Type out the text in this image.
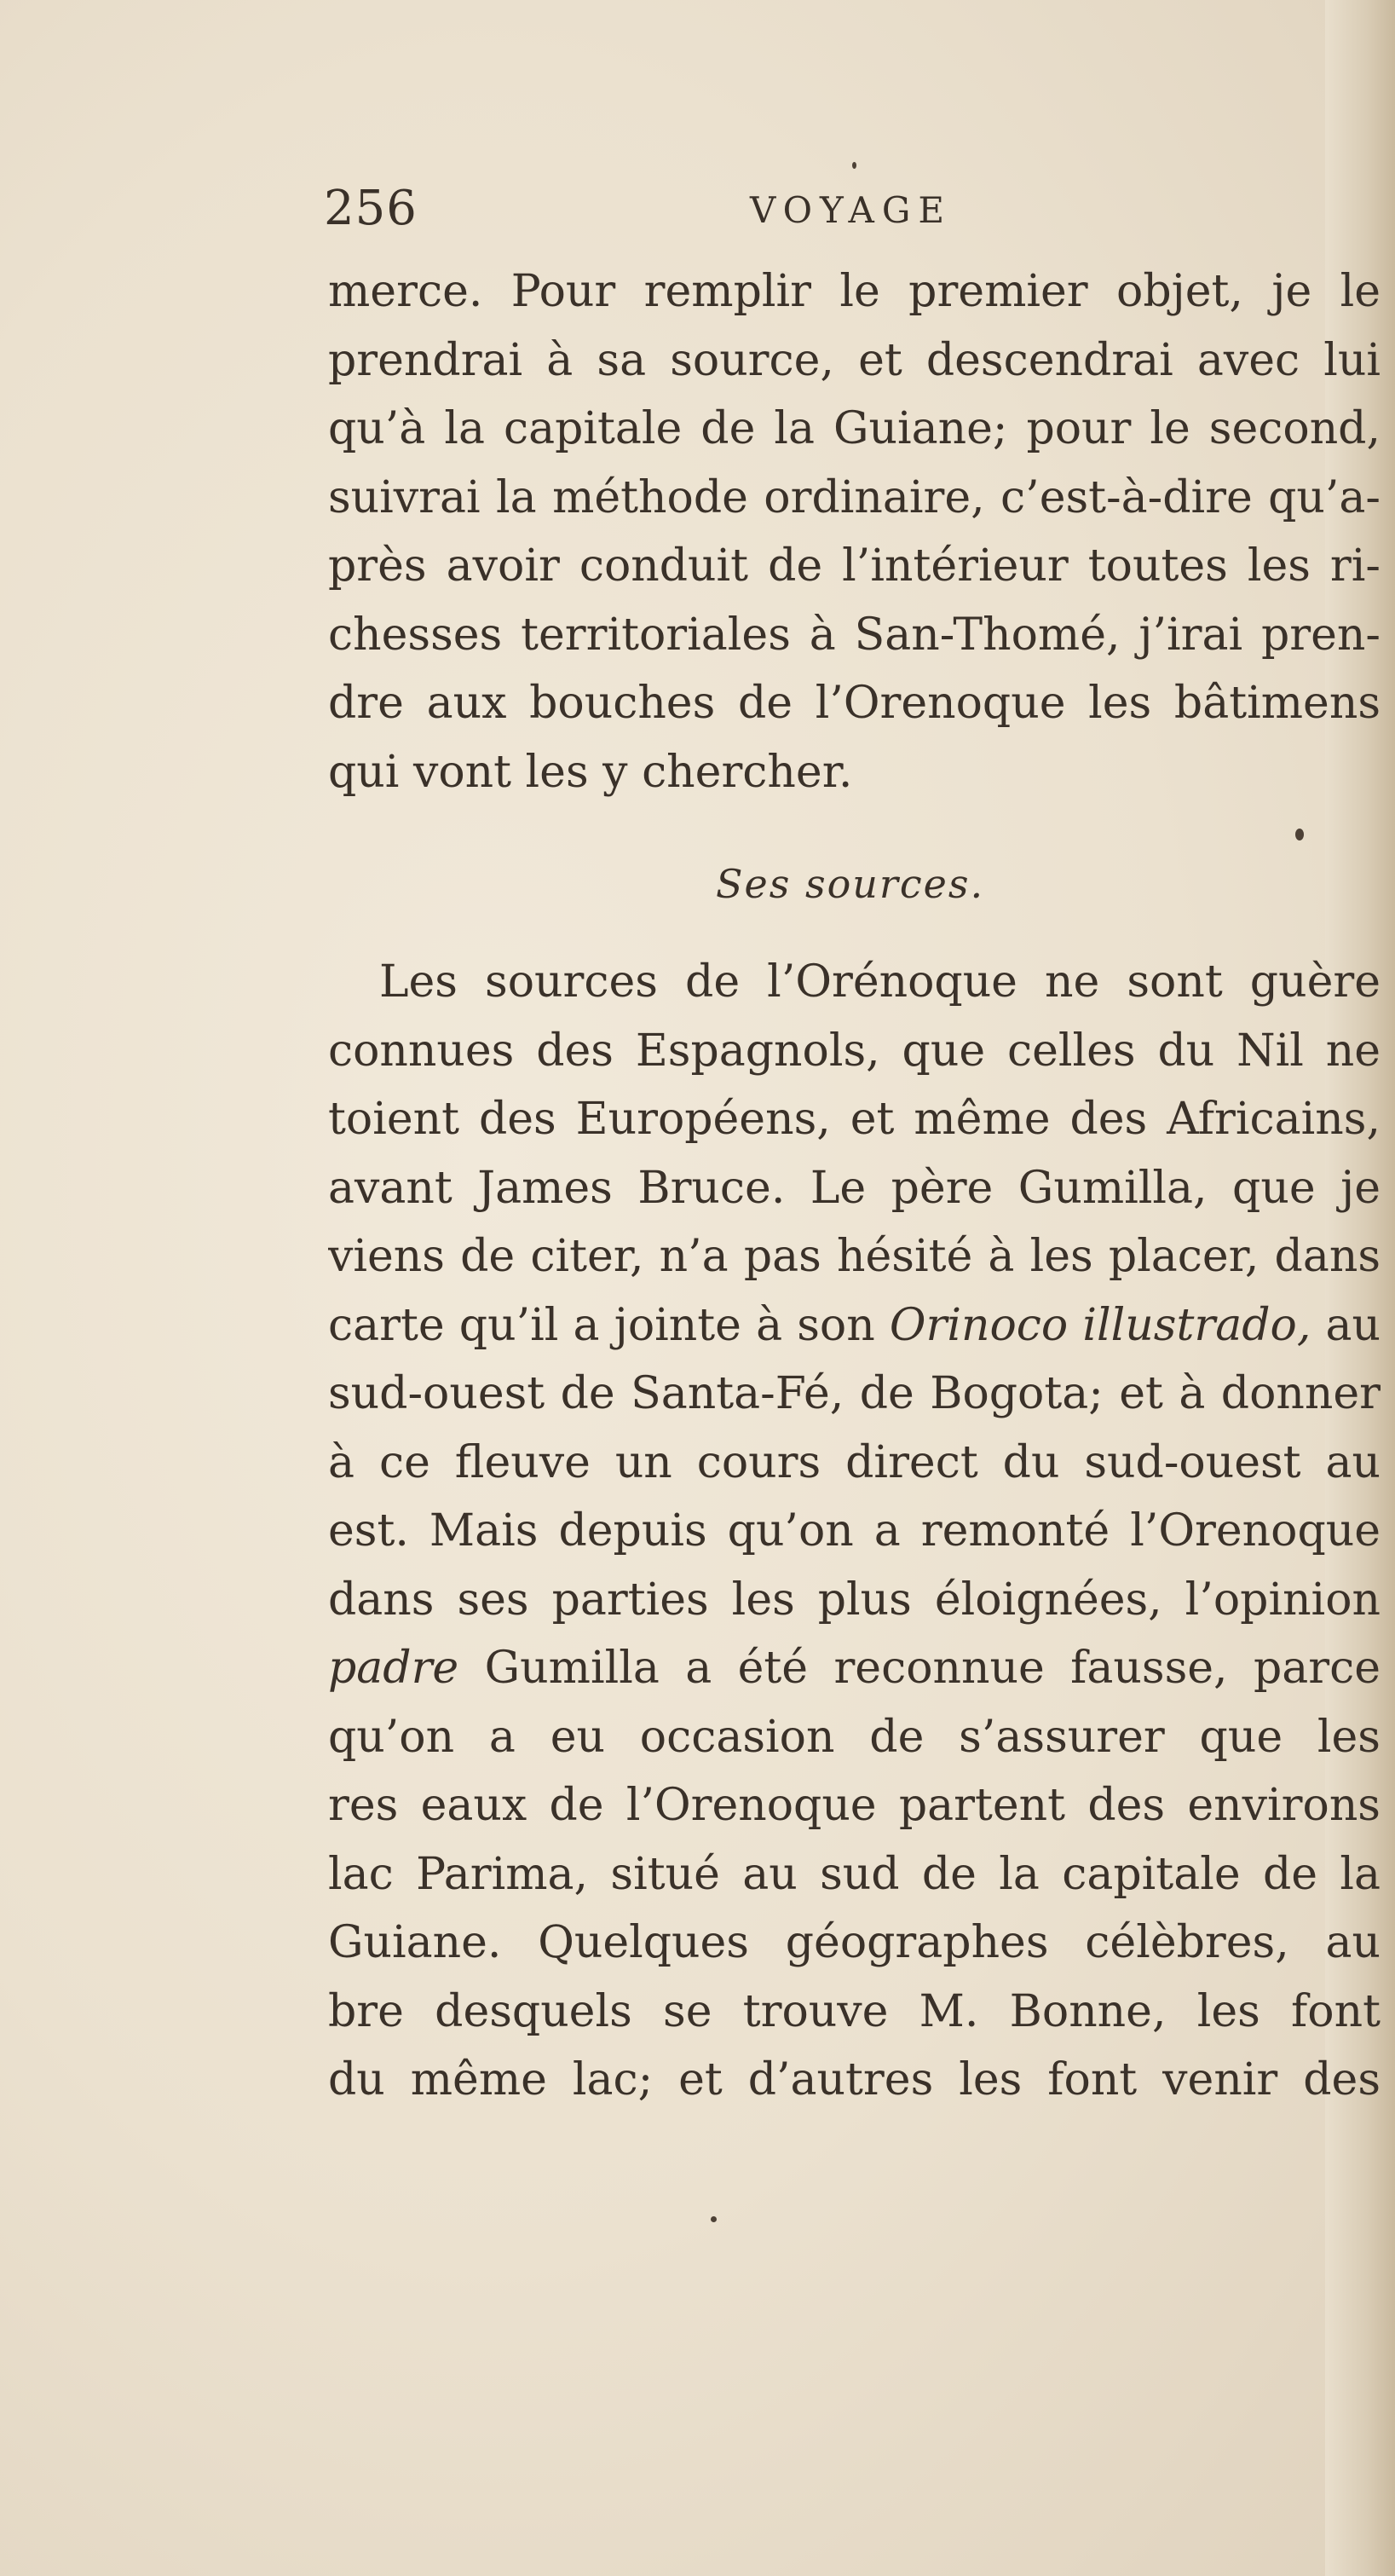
256	VOYAGE
merce. Pour remplir le premier objet, je le
prendrai à sa source, et descendrai avec lui
qu’à la capitale de la Guiane; pour le second,
suivrai la méthode ordinaire, c’est-à-dire qu’a-
près avoir conduit de l’intérieur toutes les ri-
chesses territoriales à San-Thomé, j’irai pren-
dre aux bouches de l’Orenoque les bâtimens
qui vont les y chercher.
Ses sources.
Les sources de l’Orénoque ne sont guère
connues des Espagnols, que celles du Nil ne
toient des Européens, et même des Africains,
avant James Bruce. Le père Gumilla, que je
viens de citer, n’a pas hésité à les placer, dans
carte qu’il a jointe à son Orinoco illustrado, au
sud-ouest de Santa-Fé, de Bogota; et à donner
à ce fleuve un cours direct du sud-ouest au
est. Mais depuis qu’on a remonté l’Orenoque
dans ses parties les plus éloignées, l’opinion
padre Gumilla a été reconnue fausse, parce
qu’on a eu occasion de s’assurer que les
res eaux de l’Orenoque partent des environs
lac Parima, situé au sud de la capitale de la
Guiane. Quelques géographes célèbres, au
bre desquels se trouve M. Bonne, les font
du même lac; et d’autres les font venir des
